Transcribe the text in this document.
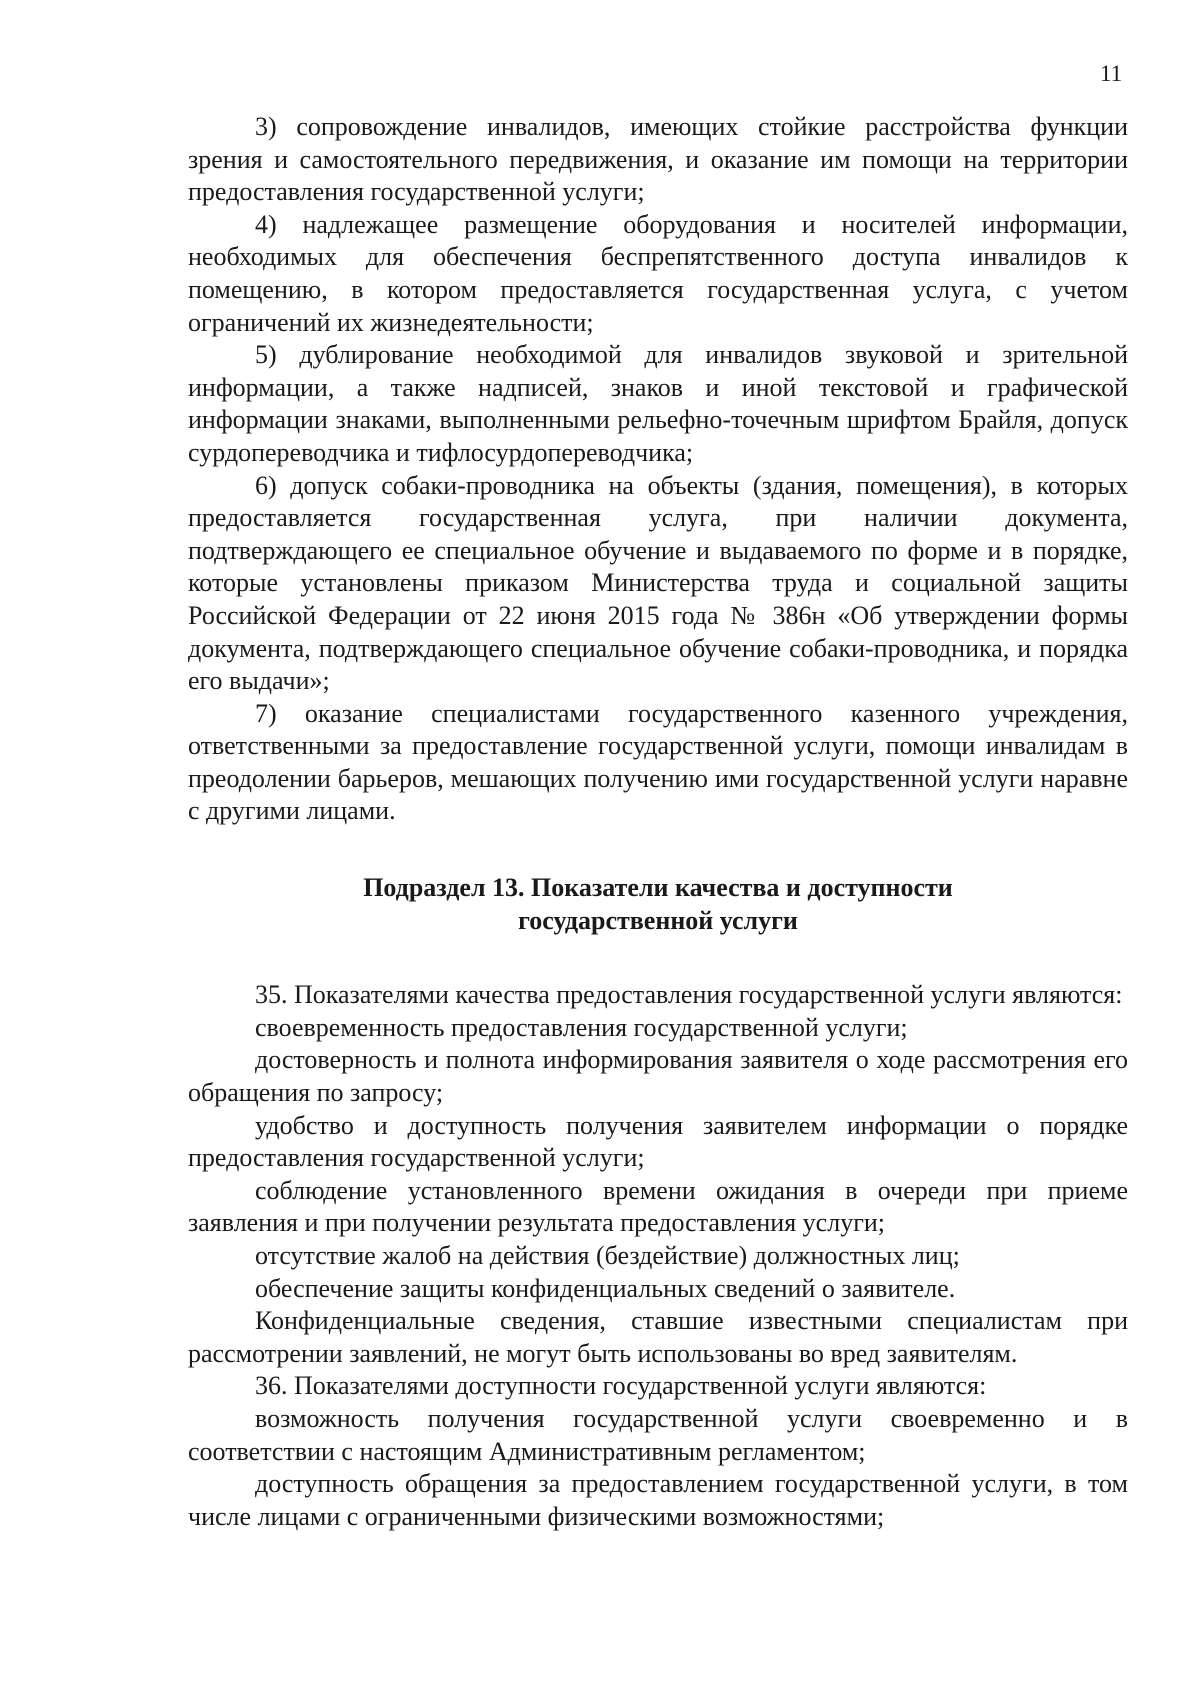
11

3) сопровождение инвалидов, имеющих стойкие расстройства функции зрения и самостоятельного передвижения, и оказание им помощи на территории предоставления государственной услуги;

4) надлежащее размещение оборудования и носителей информации, необходимых для обеспечения беспрепятственного доступа инвалидов к помещению, в котором предоставляется государственная услуга, с учетом ограничений их жизнедеятельности;

5) дублирование необходимой для инвалидов звуковой и зрительной информации, а также надписей, знаков и иной текстовой и графической информации знаками, выполненными рельефно-точечным шрифтом Брайля, допуск сурдопереводчика и тифлосурдопереводчика;

6) допуск собаки-проводника на объекты (здания, помещения), в которых предоставляется государственная услуга, при наличии документа, подтверждающего ее специальное обучение и выдаваемого по форме и в порядке, которые установлены приказом Министерства труда и социальной защиты Российской Федерации от 22 июня 2015 года № 386н «Об утверждении формы документа, подтверждающего специальное обучение собаки-проводника, и порядка его выдачи»;

7) оказание специалистами государственного казенного учреждения, ответственными за предоставление государственной услуги, помощи инвалидам в преодолении барьеров, мешающих получению ими государственной услуги наравне с другими лицами.

Подраздел 13. Показатели качества и доступности
государственной услуги

35. Показателями качества предоставления государственной услуги являются:

своевременность предоставления государственной услуги;

достоверность и полнота информирования заявителя о ходе рассмотрения его обращения по запросу;

удобство и доступность получения заявителем информации о порядке предоставления государственной услуги;

соблюдение установленного времени ожидания в очереди при приеме заявления и при получении результата предоставления услуги;

отсутствие жалоб на действия (бездействие) должностных лиц;

обеспечение защиты конфиденциальных сведений о заявителе.

Конфиденциальные сведения, ставшие известными специалистам при рассмотрении заявлений, не могут быть использованы во вред заявителям.

36. Показателями доступности государственной услуги являются:

возможность получения государственной услуги своевременно и в соответствии с настоящим Административным регламентом;

доступность обращения за предоставлением государственной услуги, в том числе лицами с ограниченными физическими возможностями;
